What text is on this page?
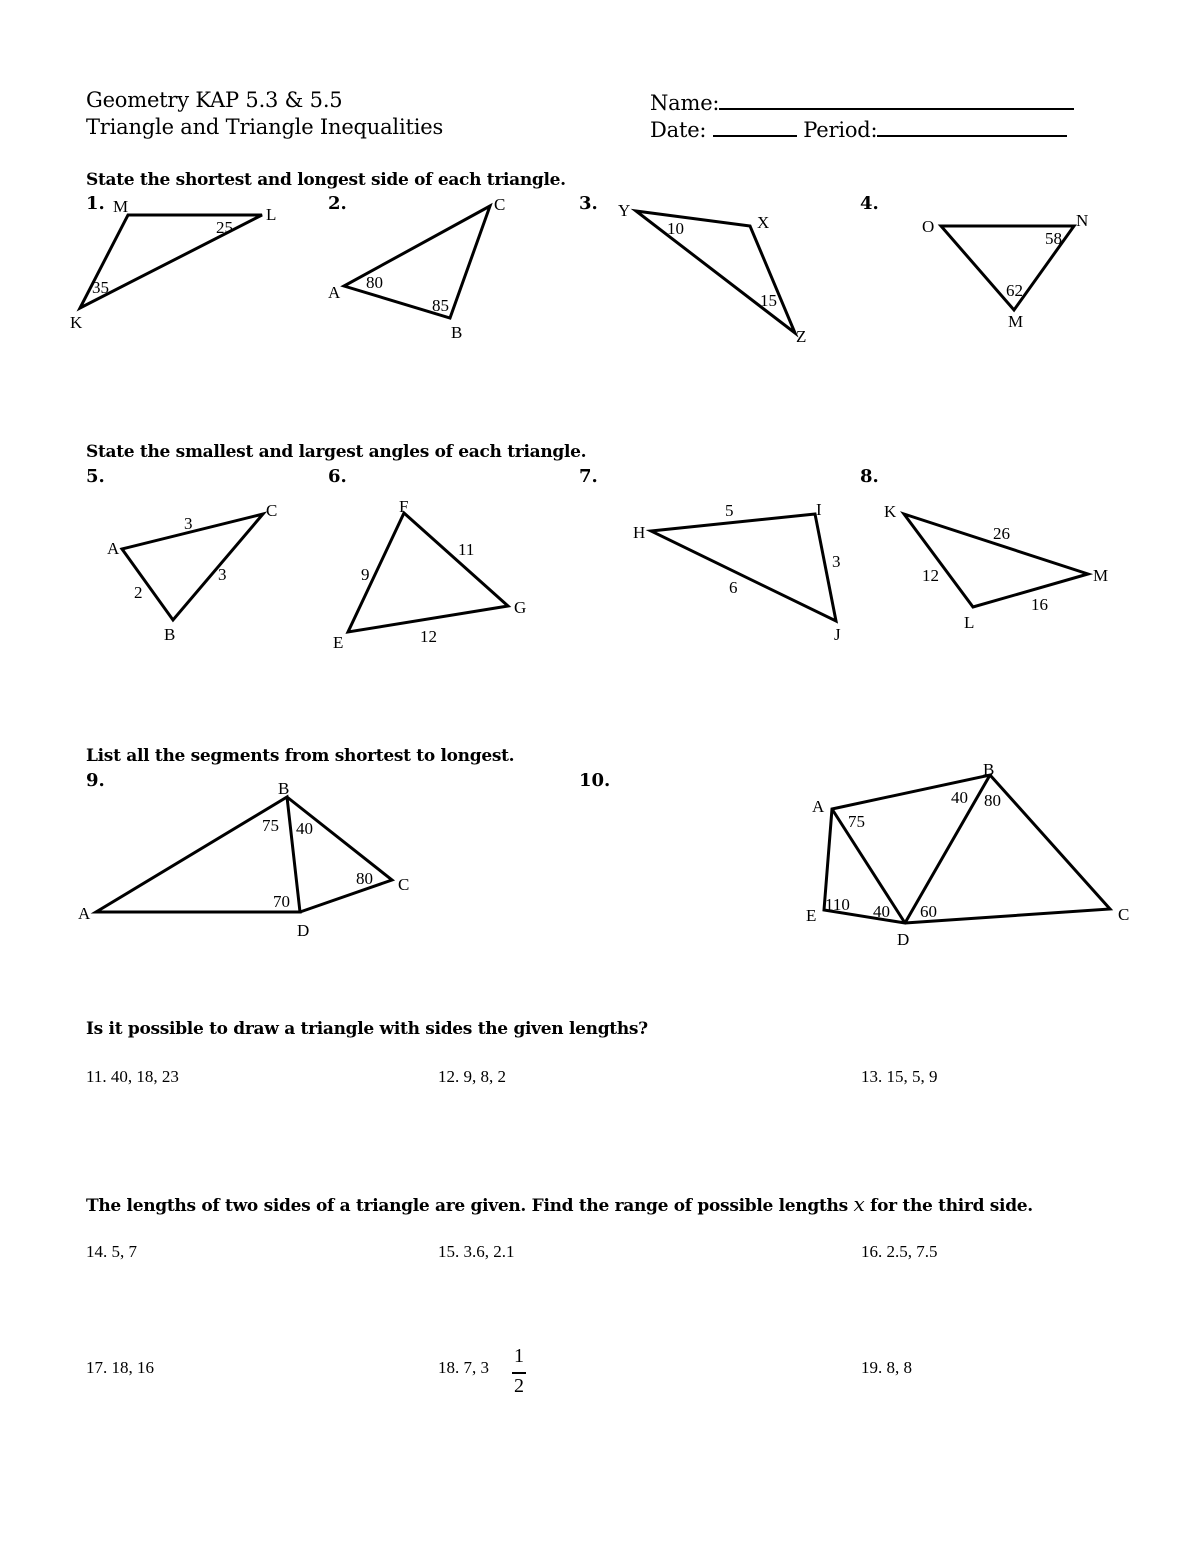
Geometry KAP 5.3 & 5.5
Triangle and Triangle Inequalities
Name:
Date:	Period:
State the shortest and longest side of each triangle.
State the smallest and largest angles of each triangle.
List all the segments from shortest to longest.
Is it possible to draw a triangle with sides the given lengths?
The lengths of two sides of a triangle are given. Find the range of possible lengths x for the third side.
1.	2.	3.	4.
5.	6.	7.	8.
9.	10.
M	L
K
25
35
C
A
B
80
85
Y
X
Z
10
15
O	N
M
58
62
A
C
B
3
3
2
F
G
E
9
11
12
H
I
J
5
3
6
K
M
L
26
12
16
B
A
D
C
75 40
80
70
A
B
E
D
C
75
40 80
110 40 60
11. 40, 18, 23	12. 9, 8, 2	13. 15, 5, 9
14. 5, 7	15. 3.6, 2.1	16. 2.5, 7.5
17. 18, 16	18. 7, 3
1
2
19. 8, 8
